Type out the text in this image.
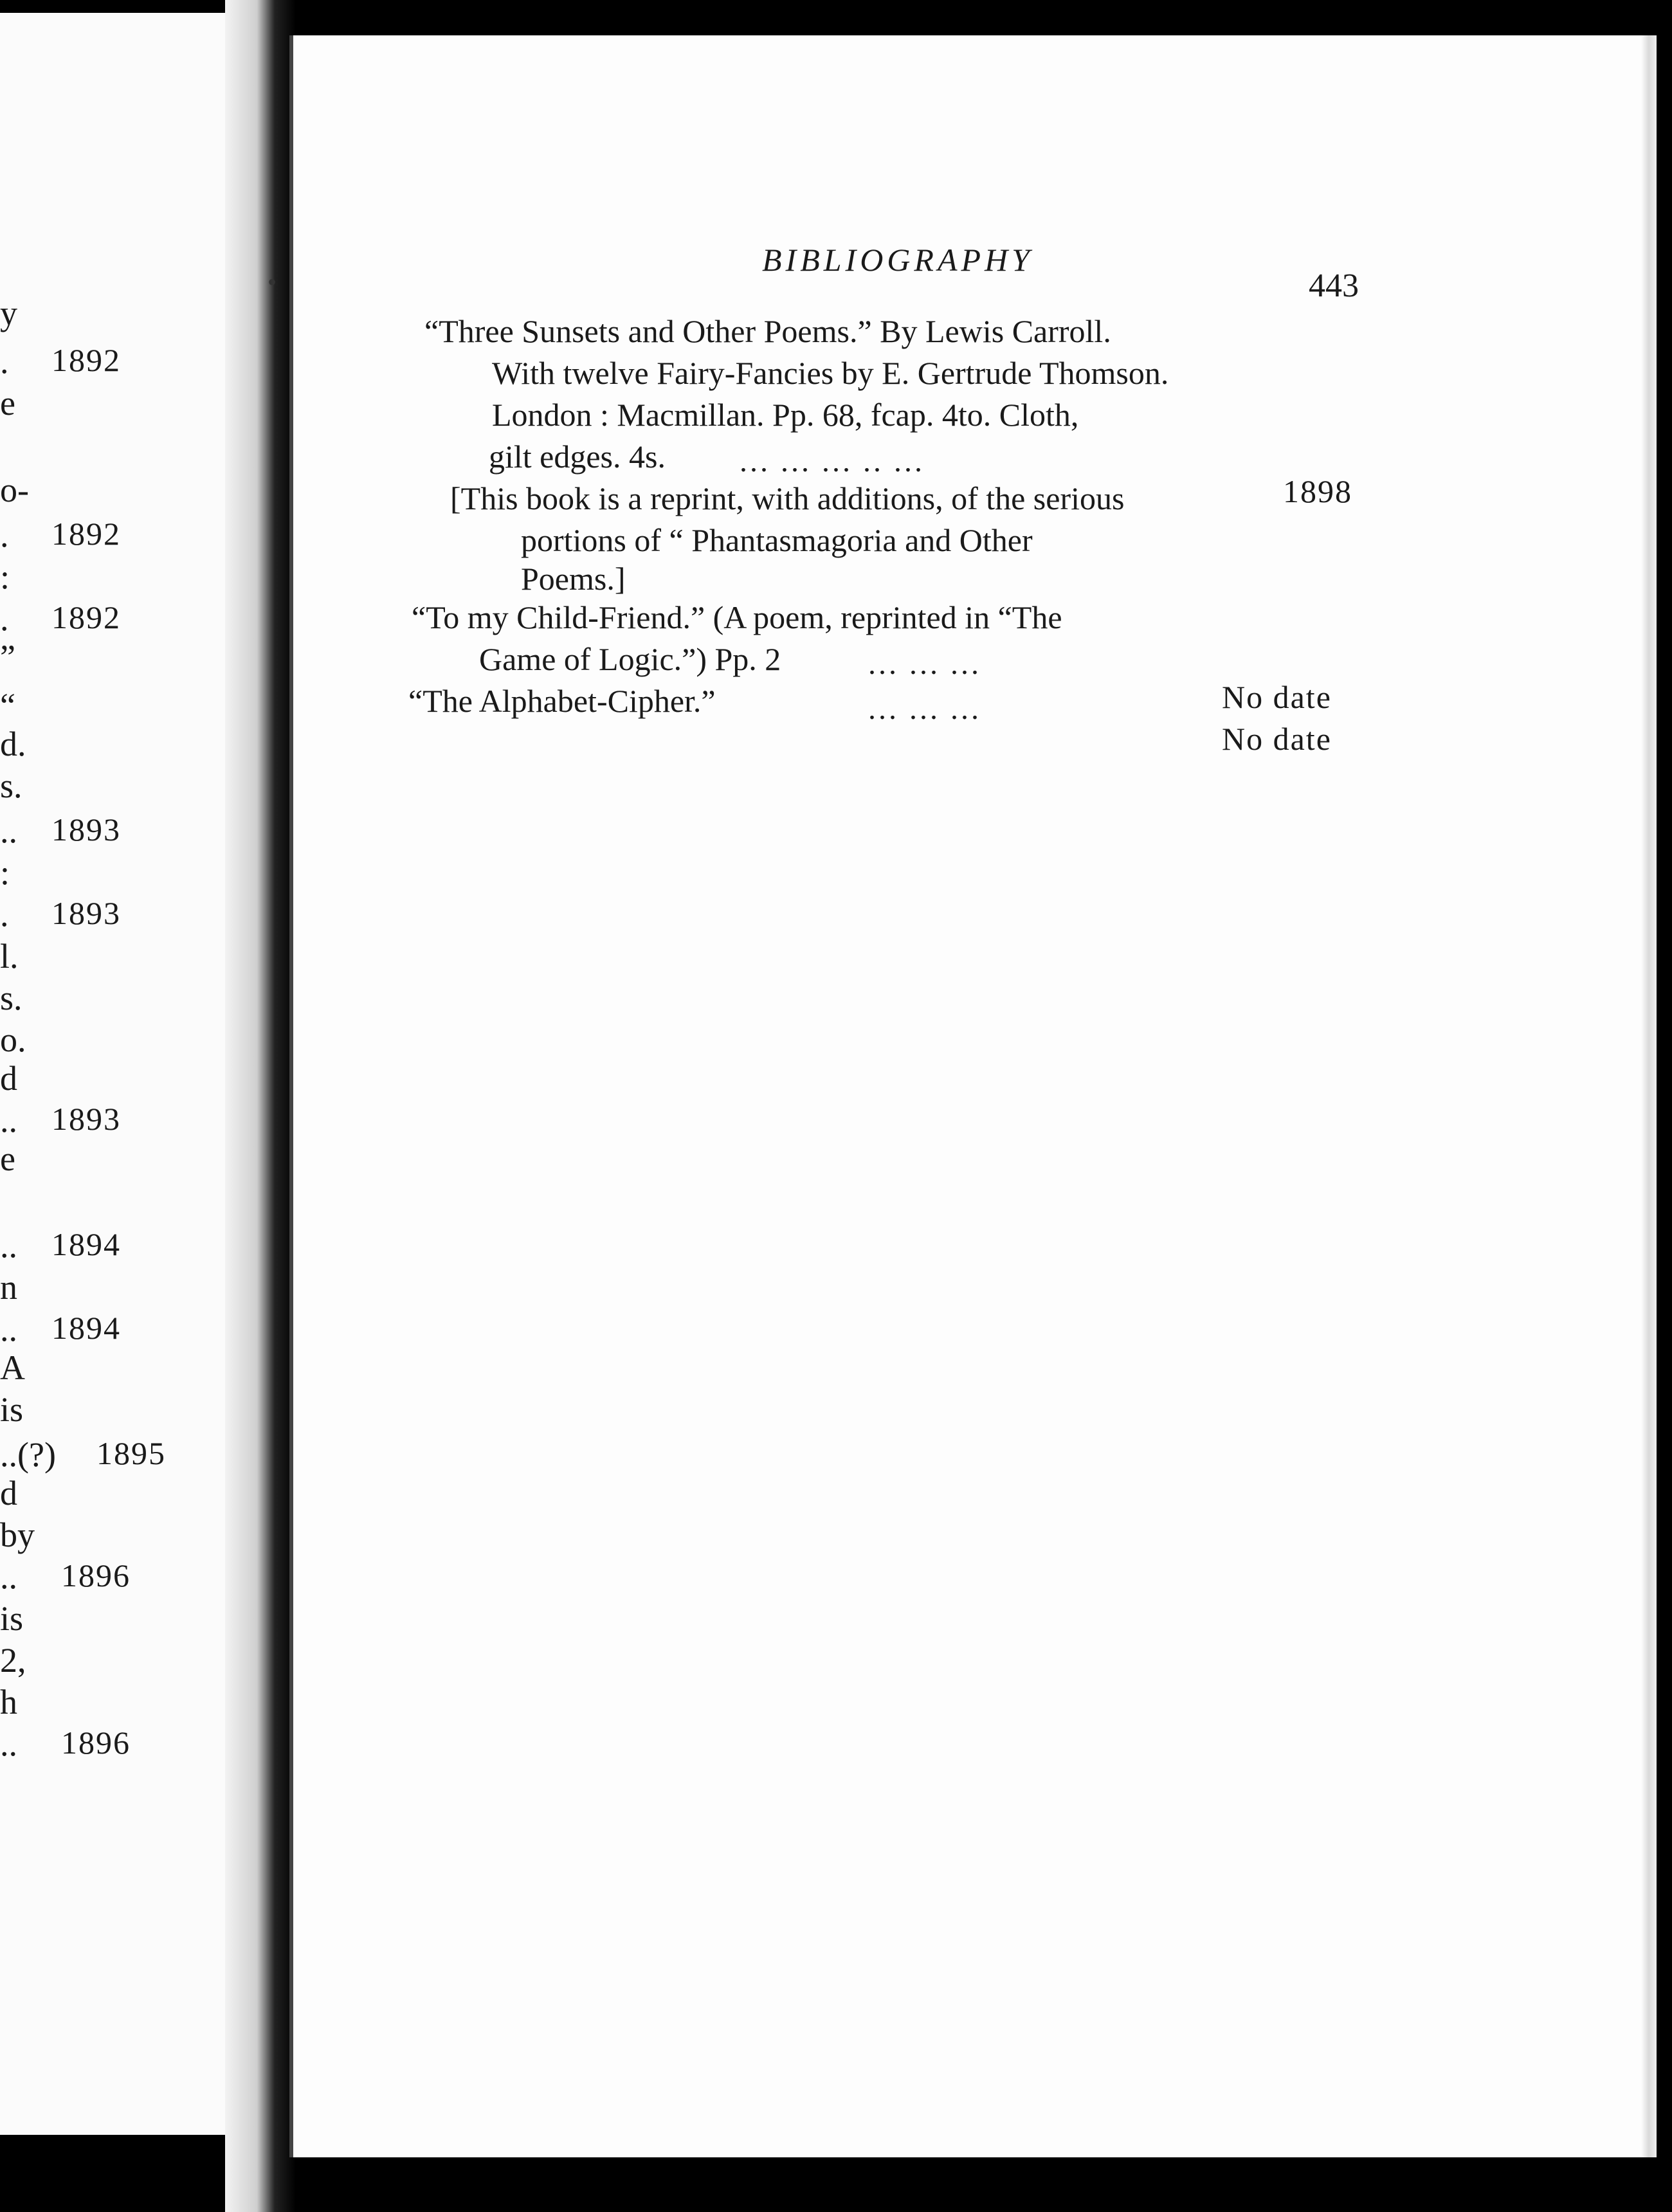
y
.
e
o-
.
:
.
”
“
d.
s.
..
:
.
l.
s.
o.
d
..
e
..
n
..
A
is
..(?)
d
by
..
is
2,
h
..
1892
1892
1892
1893
1893
1893
1894
1894
1895
1896
1896
•
BIBLIOGRAPHY
443
“Three Sunsets and Other Poems.” By Lewis Carroll.
With twelve Fairy-Fancies by E. Gertrude Thomson.
London : Macmillan. Pp. 68, fcap. 4to. Cloth,
gilt edges. 4s. ... ... ... .. ...
1898
[This book is a reprint, with additions, of the serious
portions of “ Phantasmagoria and Other
Poems.]
“To my Child-Friend.” (A poem, reprinted in “The
Game of Logic.”) Pp. 2	... ... ...
No date
“The Alphabet-Cipher.”	... ... ...
No date
